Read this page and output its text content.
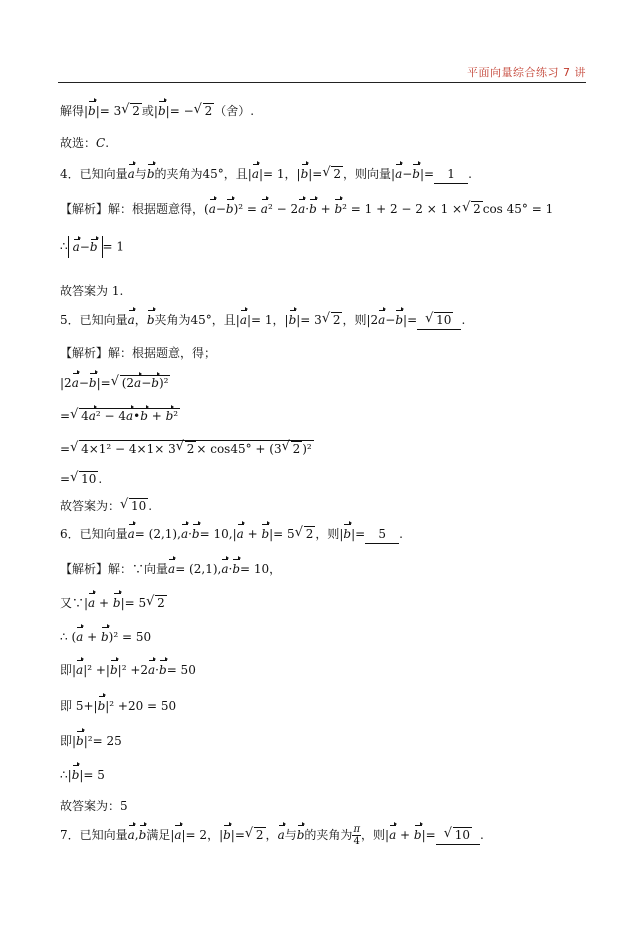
平面向量综合练习 7 讲
解得|b|= 3 √ 2 或|b|= − √ 2 （舍）.
故选：C.
4．已知向量a与b的夹角为45°，且|a|= 1，|b|= √ 2 ，则向量|a−b|= 1 .
【解析】解：根据题意得，(a−b)² = a² − 2a·b + b² = 1 + 2 − 2 × 1 × √ 2 cos 45° = 1
∴ a−b = 1
故答案为 1.
5．已知向量a，b夹角为45°，且|a|= 1，|b|= 3 √ 2 ，则|2a−b|= √ 10 .
【解析】解：根据题意，得；
|2a−b|= √ (2a−b)²
= √ 4a² − 4a•b + b²
= √ 4×1² − 4×1× 3 √ 2 × cos45° + (3 √ 2 )²
= √ 10 .
故答案为： √ 10 .
6．已知向量a= (2,1),a·b= 10,|a + b|= 5 √ 2 ，则|b|= 5 .
【解析】解：∵向量a= (2,1),a·b= 10，
又∵|a + b|= 5 √ 2
∴ (a + b)² = 50
即|a|² +|b|² +2a·b= 50
即 5+|b|² +20 = 50
即|b|²= 25
∴|b|= 5
故答案为：5
7．已知向量a,b满足|a|= 2，|b|= √ 2 ，a与b的夹角为 $\frac{\pi}{4}$ ，则|a + b|= √ 10 .
